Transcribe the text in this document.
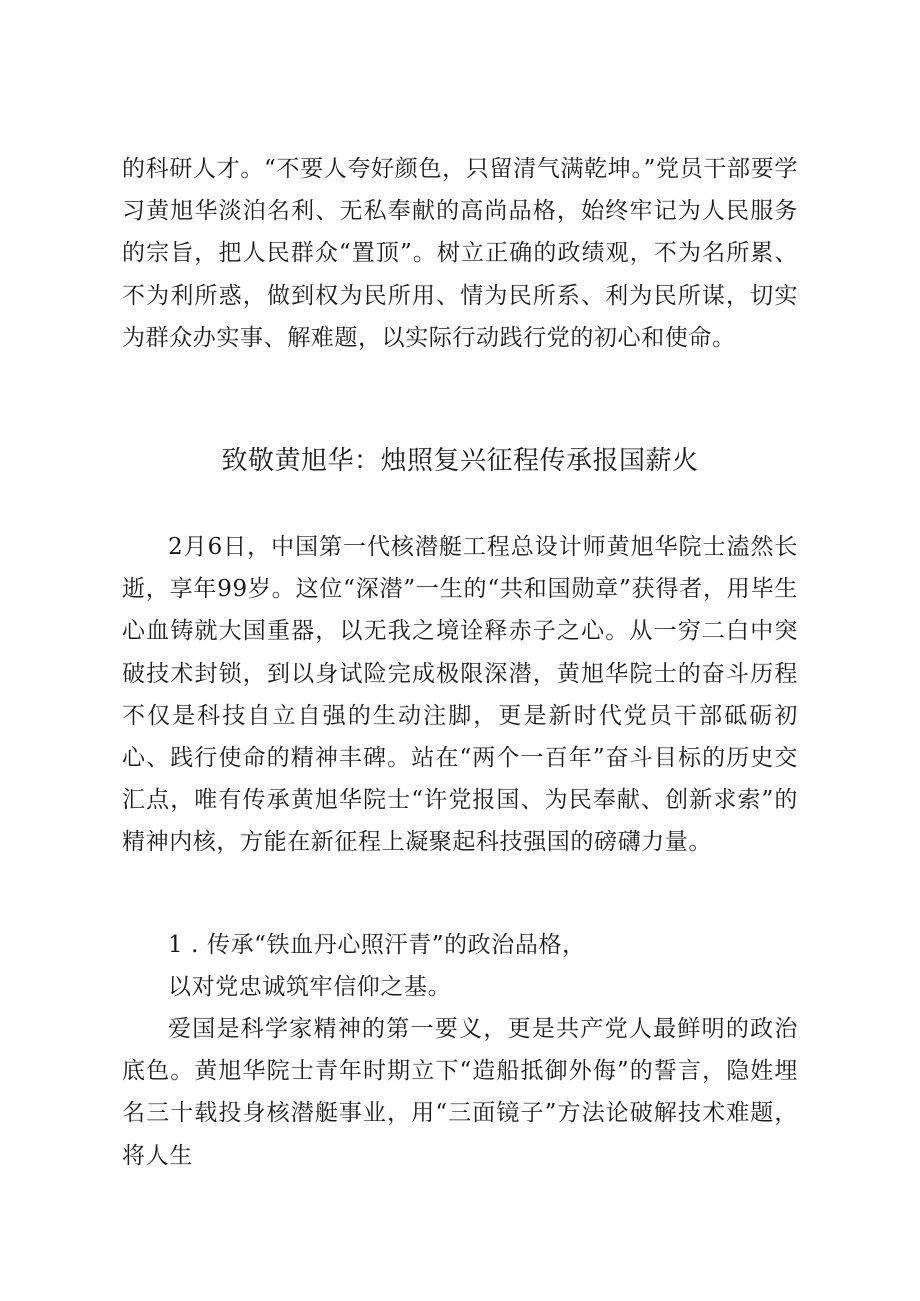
的科研人才。“不要人夸好颜色，只留清气满乾坤。”党员干部要学习黄旭华淡泊名利、无私奉献的高尚品格，始终牢记为人民服务的宗旨，把人民群众“置顶”。树立正确的政绩观，不为名所累、不为利所惑，做到权为民所用、情为民所系、利为民所谋，切实为群众办实事、解难题，以实际行动践行党的初心和使命。

致敬黄旭华：烛照复兴征程传承报国薪火

2月6日，中国第一代核潜艇工程总设计师黄旭华院士溘然长逝，享年99岁。这位“深潜”一生的“共和国勋章”获得者，用毕生心血铸就大国重器，以无我之境诠释赤子之心。从一穷二白中突破技术封锁，到以身试险完成极限深潜，黄旭华院士的奋斗历程不仅是科技自立自强的生动注脚，更是新时代党员干部砥砺初心、践行使命的精神丰碑。站在“两个一百年”奋斗目标的历史交汇点，唯有传承黄旭华院士“许党报国、为民奉献、创新求索”的精神内核，方能在新征程上凝聚起科技强国的磅礴力量。

1 . 传承“铁血丹心照汗青”的政治品格，

以对党忠诚筑牢信仰之基。

爱国是科学家精神的第一要义，更是共产党人最鲜明的政治底色。黄旭华院士青年时期立下“造船抵御外侮”的誓言，隐姓埋名三十载投身核潜艇事业，用“三面镜子”方法论破解技术难题，将人生
